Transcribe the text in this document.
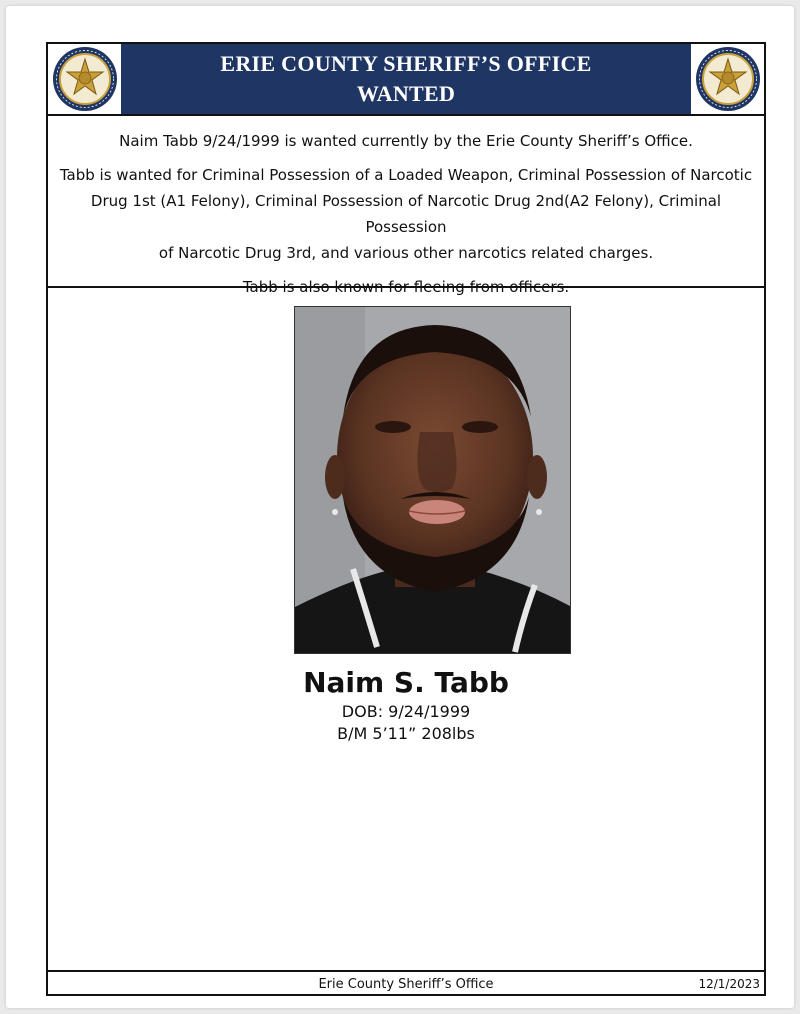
ERIE COUNTY SHERIFF’S OFFICE
WANTED

Naim Tabb 9/24/1999 is wanted currently by the Erie County Sheriff’s Office.

Tabb is wanted for Criminal Possession of a Loaded Weapon, Criminal Possession of Narcotic
Drug 1st (A1 Felony), Criminal Possession of Narcotic Drug 2nd(A2 Felony), Criminal Possession
of Narcotic Drug 3rd, and various other narcotics related charges.

Tabb is also known for fleeing from officers.

Naim S. Tabb
DOB: 9/24/1999
B/M 5’11” 208lbs
Erie County Sheriff’s Office	12/1/2023
